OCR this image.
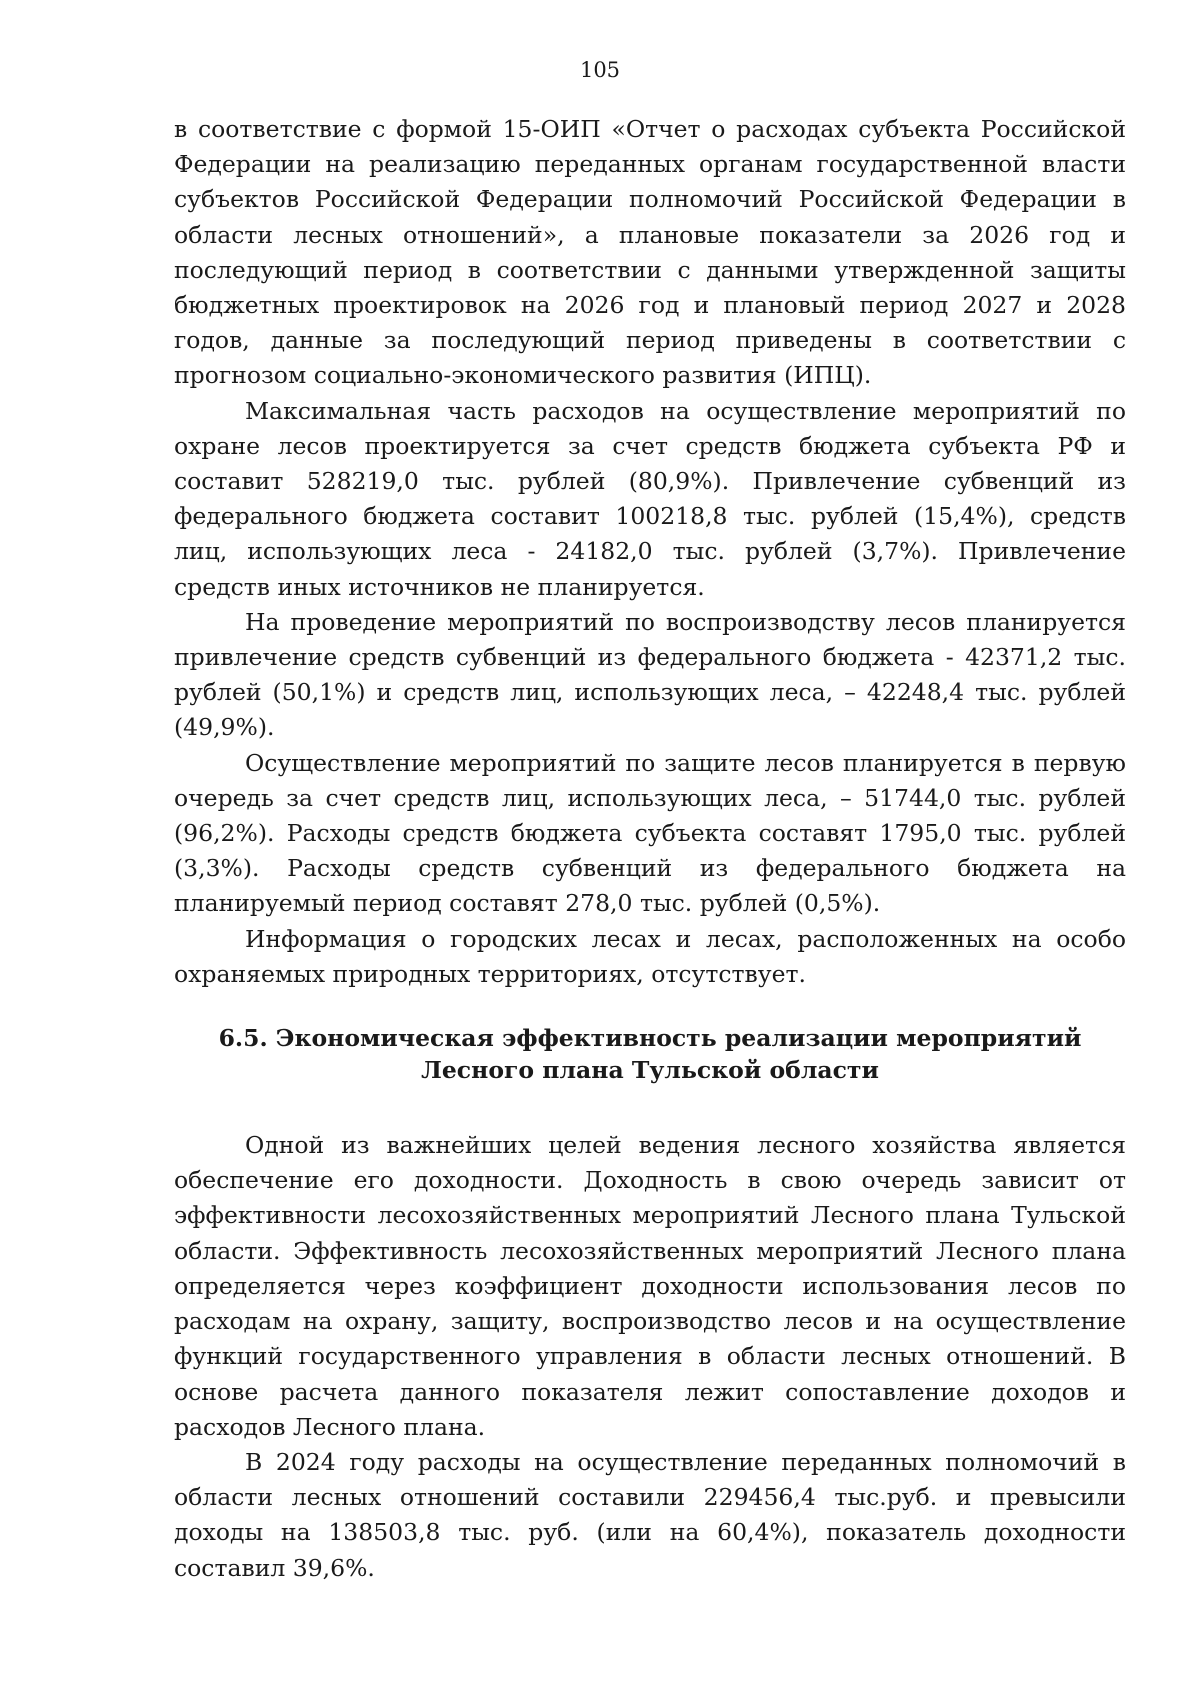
105

в соответствие с формой 15-ОИП «Отчет о расходах субъекта Российской Федерации на реализацию переданных органам государственной власти субъектов Российской Федерации полномочий Российской Федерации в области лесных отношений», а плановые показатели за 2026 год и последующий период в соответствии с данными утвержденной защиты бюджетных проектировок на 2026 год и плановый период 2027 и 2028 годов, данные за последующий период приведены в соответствии с прогнозом социально-экономического развития (ИПЦ).

Максимальная часть расходов на осуществление мероприятий по охране лесов проектируется за счет средств бюджета субъекта РФ и составит 528219,0 тыс. рублей (80,9%). Привлечение субвенций из федерального бюджета составит 100218,8 тыс. рублей (15,4%), средств лиц, использующих леса - 24182,0 тыс. рублей (3,7%). Привлечение средств иных источников не планируется.

На проведение мероприятий по воспроизводству лесов планируется привлечение средств субвенций из федерального бюджета - 42371,2 тыс. рублей (50,1%) и средств лиц, использующих леса, – 42248,4 тыс. рублей (49,9%).

Осуществление мероприятий по защите лесов планируется в первую очередь за счет средств лиц, использующих леса, – 51744,0 тыс. рублей (96,2%). Расходы средств бюджета субъекта составят 1795,0 тыс. рублей (3,3%). Расходы средств субвенций из федерального бюджета на планируемый период составят 278,0 тыс. рублей (0,5%).

Информация о городских лесах и лесах, расположенных на особо охраняемых природных территориях, отсутствует.

6.5. Экономическая эффективность реализации мероприятий
Лесного плана Тульской области

Одной из важнейших целей ведения лесного хозяйства является обеспечение его доходности. Доходность в свою очередь зависит от эффективности лесохозяйственных мероприятий Лесного плана Тульской области. Эффективность лесохозяйственных мероприятий Лесного плана определяется через коэффициент доходности использования лесов по расходам на охрану, защиту, воспроизводство лесов и на осуществление функций государственного управления в области лесных отношений. В основе расчета данного показателя лежит сопоставление доходов и расходов Лесного плана.

В 2024 году расходы на осуществление переданных полномочий в области лесных отношений составили 229456,4 тыс.руб. и превысили доходы на 138503,8 тыс. руб. (или на 60,4%), показатель доходности составил 39,6%.
